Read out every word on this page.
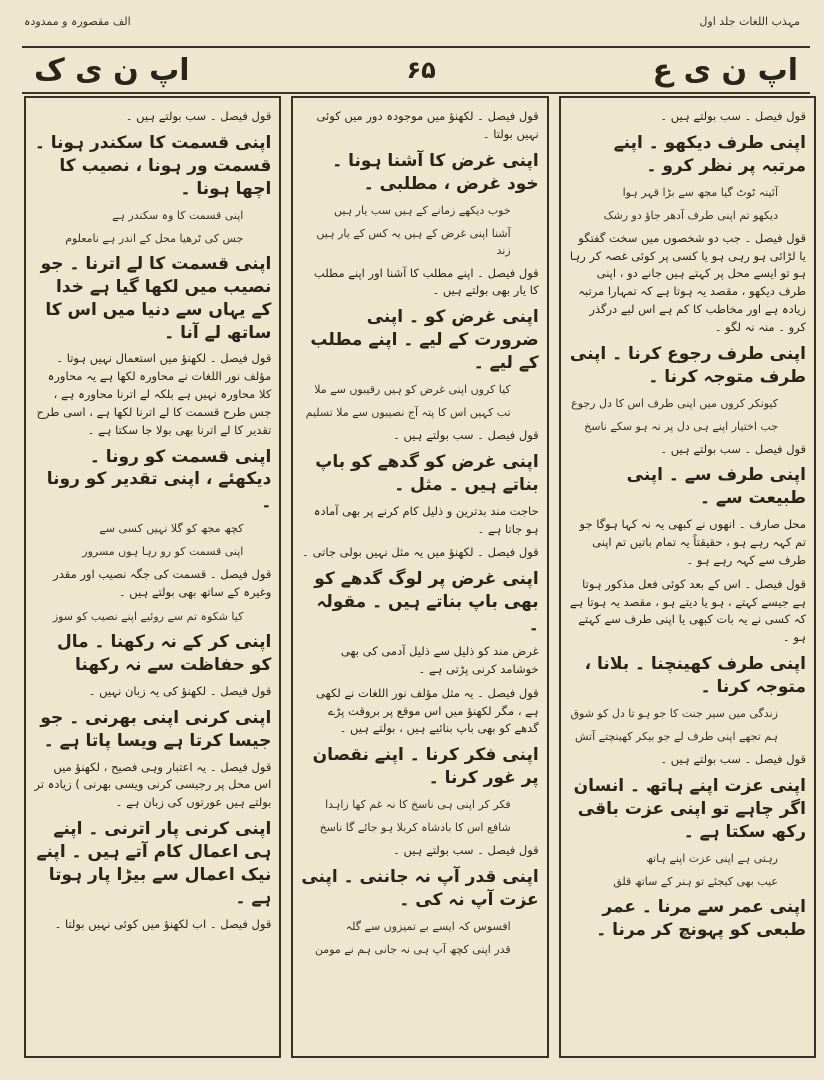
الف مقصورہ و ممدودہ	مہذب اللغات جلد اول
اپ ن ی ع
۶۵
اپ ن ی ک
قول فیصل ۔ سب بولتے ہیں ۔
اپنی طرف دیکھو ۔ اپنے مرتبہ پر نظر کرو ۔
آئینہ ٹوٹ گیا مجھ سے بڑا قہر ہوا
دیکھو تم اپنی طرف آدھر جاؤ دو رشک
قول فیصل ۔ جب دو شخصوں میں سخت گفتگو یا لڑائی ہو رہی ہو یا کسی پر کوئی غصہ کر رہا ہو تو ایسے محل پر کہتے ہیں جانے دو ، اپنی طرف دیکھو ، مقصد یہ ہوتا ہے کہ تمہارا مرتبہ زیادہ ہے اور مخاطب کا کم ہے اس لیے درگذر کرو ۔ منہ نہ لگو ۔
اپنی طرف رجوع کرنا ۔ اپنی طرف متوجہ کرنا ۔
کیونکر کروں میں اپنی طرف اس کا دل رجوع
جب اختیار اپنے ہی دل پر نہ ہو سکے ناسخ
قول فیصل ۔ سب بولتے ہیں ۔
اپنی طرف سے ۔ اپنی طبیعت سے ۔
محل صارف ۔ انھوں نے کبھی یہ نہ کہا ہوگا جو تم کہہ رہے ہو ، حقیقتاً یہ تمام باتیں تم اپنی طرف سے کہہ رہے ہو ۔
قول فیصل ۔ اس کے بعد کوئی فعل مذکور ہوتا ہے جیسے کہتے ، ہو یا دیتے ہو ، مقصد یہ ہوتا ہے کہ کسی نے یہ بات کبھی یا اپنی طرف سے کہتے ہو ۔
اپنی طرف کھینچنا ۔ بلانا ، متوجہ کرنا ۔
زندگی میں سیر جنت کا جو ہو تا دل کو شوق
ہم تجھے اپنی طرف لے جو بیکر کھینچتے آتش
قول فیصل ۔ سب بولتے ہیں ۔
اپنی عزت اپنے ہاتھ ۔ انسان اگر چاہے تو اپنی عزت باقی رکھ سکتا ہے ۔
رہتی ہے اپنی عزت اپنے ہاتھ
عیب بھی کیجئے تو ہنر کے ساتھ قلق
اپنی عمر سے مرنا ۔ عمر طبعی کو پہونچ کر مرنا ۔
قول فیصل ۔ لکھنؤ میں موجودہ دور میں کوئی نہیں بولتا ۔
اپنی غرض کا آشنا ہونا ۔ خود غرض ، مطلبی ۔
خوب دیکھے زمانے کے ہیں سب یار ہیں
آشنا اپنی غرض کے ہیں یہ کس کے یار ہیں زند
قول فیصل ۔ اپنے مطلب کا آشنا اور اپنے مطلب کا یار بھی بولتے ہیں ۔
اپنی غرض کو ۔ اپنی ضرورت کے لیے ۔ اپنے مطلب کے لیے ۔
کیا کروں اپنی غرض کو ہیں رقیبوں سے ملا
تب کہیں اس کا پتہ آج نصیبوں سے ملا تسلیم
قول فیصل ۔ سب بولتے ہیں ۔
اپنی غرض کو گدھے کو باپ بناتے ہیں ۔ مثل ۔
حاجت مند بدترین و ذلیل کام کرنے پر بھی آمادہ ہو جاتا ہے ۔
قول فیصل ۔ لکھنؤ میں یہ مثل نہیں بولی جاتی ۔
اپنی غرض پر لوگ گدھے کو بھی باپ بناتے ہیں ۔ مقولہ ۔
غرض مند کو ذلیل سے ذلیل آدمی کی بھی خوشامد کرنی پڑتی ہے ۔
قول فیصل ۔ یہ مثل مؤلف نور اللغات نے لکھی ہے ، مگر لکھنؤ میں اس موقع پر بروقت پڑے گدھے کو بھی باپ بنائیے ہیں ، بولتے ہیں ۔
اپنی فکر کرنا ۔ اپنے نقصان پر غور کرنا ۔
فکر کر اپنی ہی ناسخ کا نہ غم کھا زاہدا
شافع اس کا بادشاہ کربلا ہو جائے گا ناسخ
قول فیصل ۔ سب بولتے ہیں ۔
اپنی قدر آپ نہ جاننی ۔ اپنی عزت آپ نہ کی ۔
افسوس کہ ایسے بے تمیزوں سے گلہ
قدر اپنی کچھ آپ ہی نہ جانی ہم نے مومن
قول فیصل ۔ سب بولتے ہیں ۔
اپنی قسمت کا سکندر ہونا ۔ قسمت ور ہونا ، نصیب کا اچھا ہونا ۔
اپنی قسمت کا وہ سکندر ہے
جس کی ٹرھیا محل کے اندر ہے نامعلوم
اپنی قسمت کا لے اترنا ۔ جو نصیب میں لکھا گیا ہے خدا کے یہاں سے دنیا میں اس کا ساتھ لے آنا ۔
قول فیصل ۔ لکھنؤ میں استعمال نہیں ہوتا ۔ مؤلف نور اللغات نے محاورہ لکھا ہے یہ محاورہ کلا محاورہ نہیں ہے بلکہ لے اترنا محاورہ ہے ، جس طرح قسمت کا لے اترنا لکھا ہے ، اسی طرح تقدیر کا لے اترنا بھی بولا جا سکتا ہے ۔
اپنی قسمت کو رونا ۔ دیکھئے ، اپنی تقدیر کو رونا ۔
کچھ مجھ کو گلا نہیں کسی سے
اپنی قسمت کو رو رہا ہوں مسرور
قول فیصل ۔ قسمت کی جگہ نصیب اور مقدر وغیرہ کے ساتھ بھی بولتے ہیں ۔
کیا شکوہ تم سے روئیے اپنے نصیب کو سوز
اپنی کر کے نہ رکھنا ۔ مال کو حفاظت سے نہ رکھنا
قول فیصل ۔ لکھنؤ کی یہ زبان نہیں ۔
اپنی کرنی اپنی بھرنی ۔ جو جیسا کرتا ہے ویسا پاتا ہے ۔
قول فیصل ۔ یہ اعتبار وہی فصیح ، لکھنؤ میں اس محل پر رجیسی کرنی ویسی بھرنی ) زیادہ تر بولتے ہیں عورتوں کی زبان ہے ۔
اپنی کرنی پار اترنی ۔ اپنے ہی اعمال کام آتے ہیں ۔ اپنے نیک اعمال سے بیڑا پار ہوتا ہے ۔
قول فیصل ۔ اب لکھنؤ میں کوئی نہیں بولتا ۔
